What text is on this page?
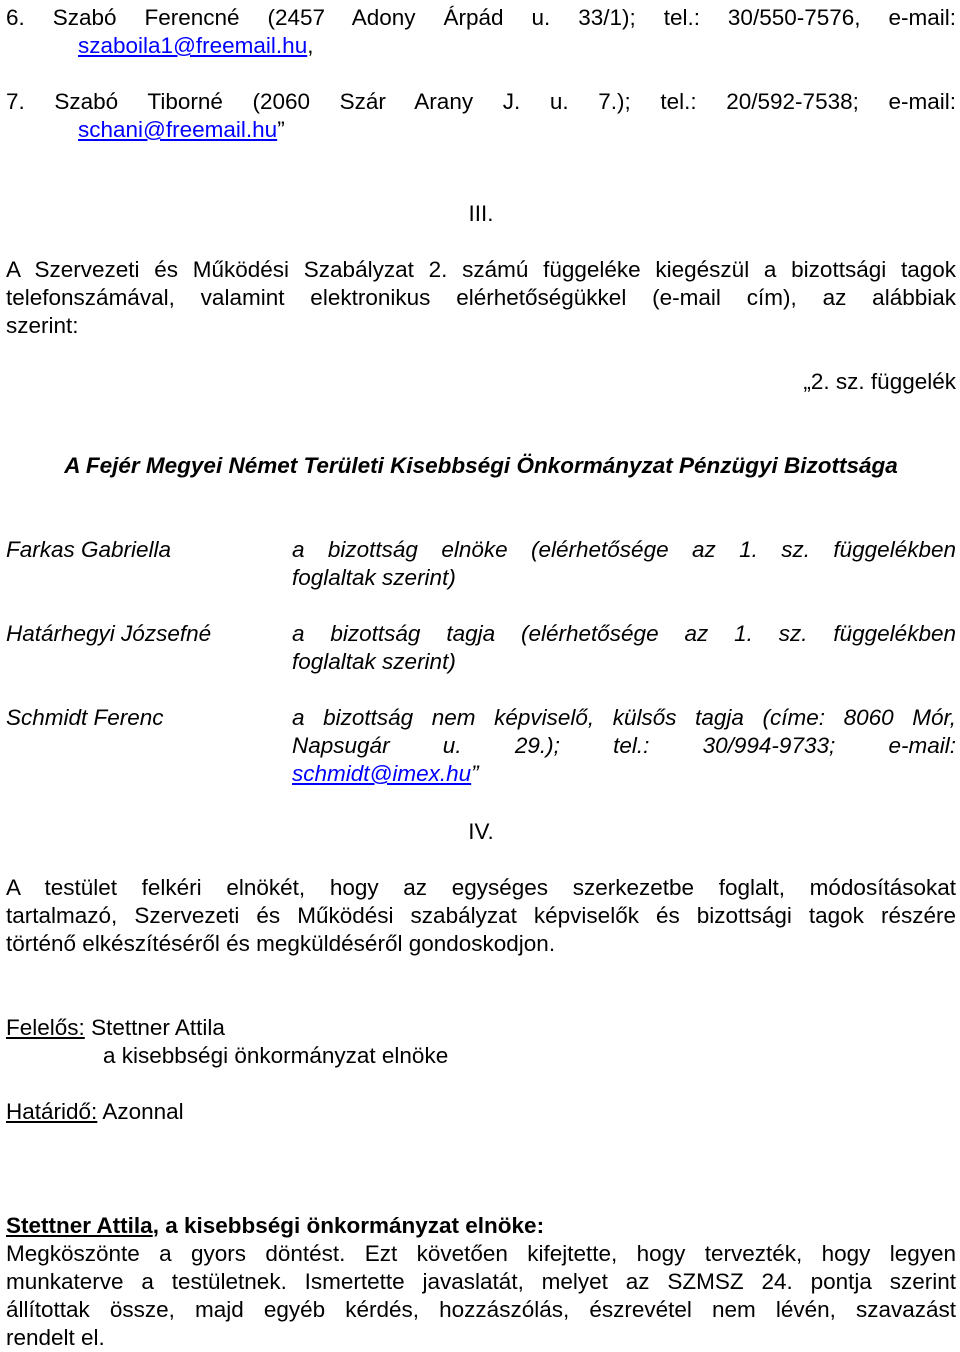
6. Szabó Ferencné (2457 Adony Árpád u. 33/1); tel.: 30/550-7576, e-mail:
szaboila1@freemail.hu,
7. Szabó Tiborné (2060 Szár Arany J. u. 7.); tel.: 20/592-7538; e-mail:
schani@freemail.hu”
III.
A Szervezeti és Működési Szabályzat 2. számú függeléke kiegészül a bizottsági tagok
telefonszámával, valamint elektronikus elérhetőségükkel (e-mail cím), az alábbiak
szerint:
„2. sz. függelék
A Fejér Megyei Német Területi Kisebbségi Önkormányzat Pénzügyi Bizottsága
Farkas Gabriella	a bizottság elnöke (elérhetősége az 1. sz. függelékben
foglaltak szerint)
Határhegyi Józsefné	a bizottság tagja (elérhetősége az 1. sz. függelékben
foglaltak szerint)
Schmidt Ferenc	a bizottság nem képviselő, külsős tagja (címe: 8060 Mór,
Napsugár u. 29.); tel.: 30/994-9733; e-mail:
schmidt@imex.hu”
IV.
A testület felkéri elnökét, hogy az egységes szerkezetbe foglalt, módosításokat
tartalmazó, Szervezeti és Működési szabályzat képviselők és bizottsági tagok részére
történő elkészítéséről és megküldéséről gondoskodjon.
Felelős: Stettner Attila
a kisebbségi önkormányzat elnöke
Határidő: Azonnal
Stettner Attila, a kisebbségi önkormányzat elnöke:
Megköszönte a gyors döntést. Ezt követően kifejtette, hogy tervezték, hogy legyen
munkaterve a testületnek. Ismertette javaslatát, melyet az SZMSZ 24. pontja szerint
állítottak össze, majd egyéb kérdés, hozzászólás, észrevétel nem lévén, szavazást
rendelt el.
